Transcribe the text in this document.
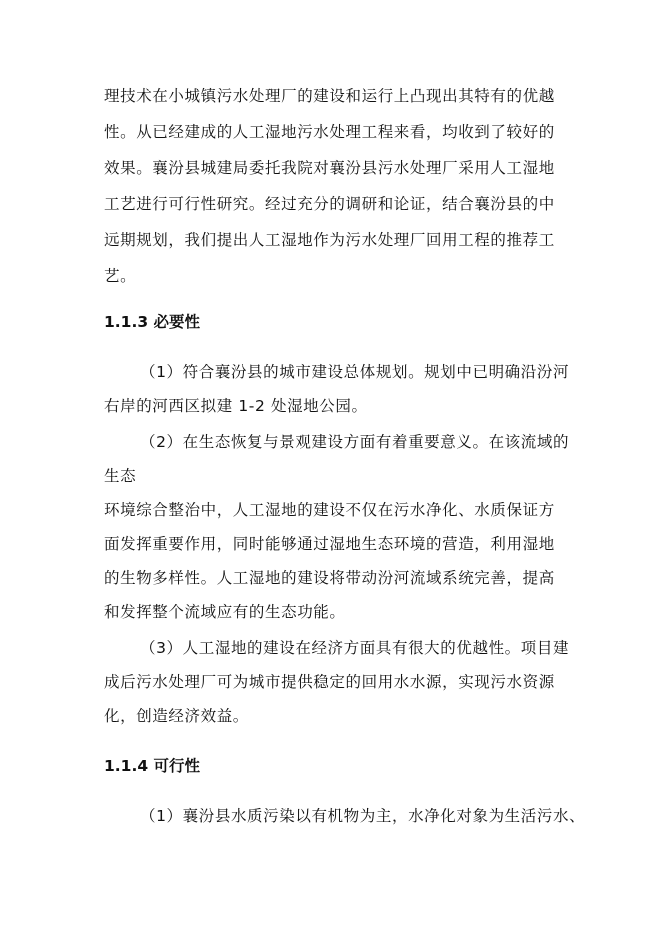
理技术在小城镇污水处理厂的建设和运行上凸现出其特有的优越
性。从已经建成的人工湿地污水处理工程来看，均收到了较好的
效果。襄汾县城建局委托我院对襄汾县污水处理厂采用人工湿地
工艺进行可行性研究。经过充分的调研和论证，结合襄汾县的中
远期规划，我们提出人工湿地作为污水处理厂回用工程的推荐工
艺。
1.1.3 必要性
（1）符合襄汾县的城市建设总体规划。规划中已明确沿汾河
右岸的河西区拟建 1-2 处湿地公园。
（2）在生态恢复与景观建设方面有着重要意义。在该流域的
生态
环境综合整治中，人工湿地的建设不仅在污水净化、水质保证方
面发挥重要作用，同时能够通过湿地生态环境的营造，利用湿地
的生物多样性。人工湿地的建设将带动汾河流域系统完善，提高
和发挥整个流域应有的生态功能。
（3）人工湿地的建设在经济方面具有很大的优越性。项目建
成后污水处理厂可为城市提供稳定的回用水水源，实现污水资源
化，创造经济效益。
1.1.4 可行性
（1）襄汾县水质污染以有机物为主，水净化对象为生活污水、
